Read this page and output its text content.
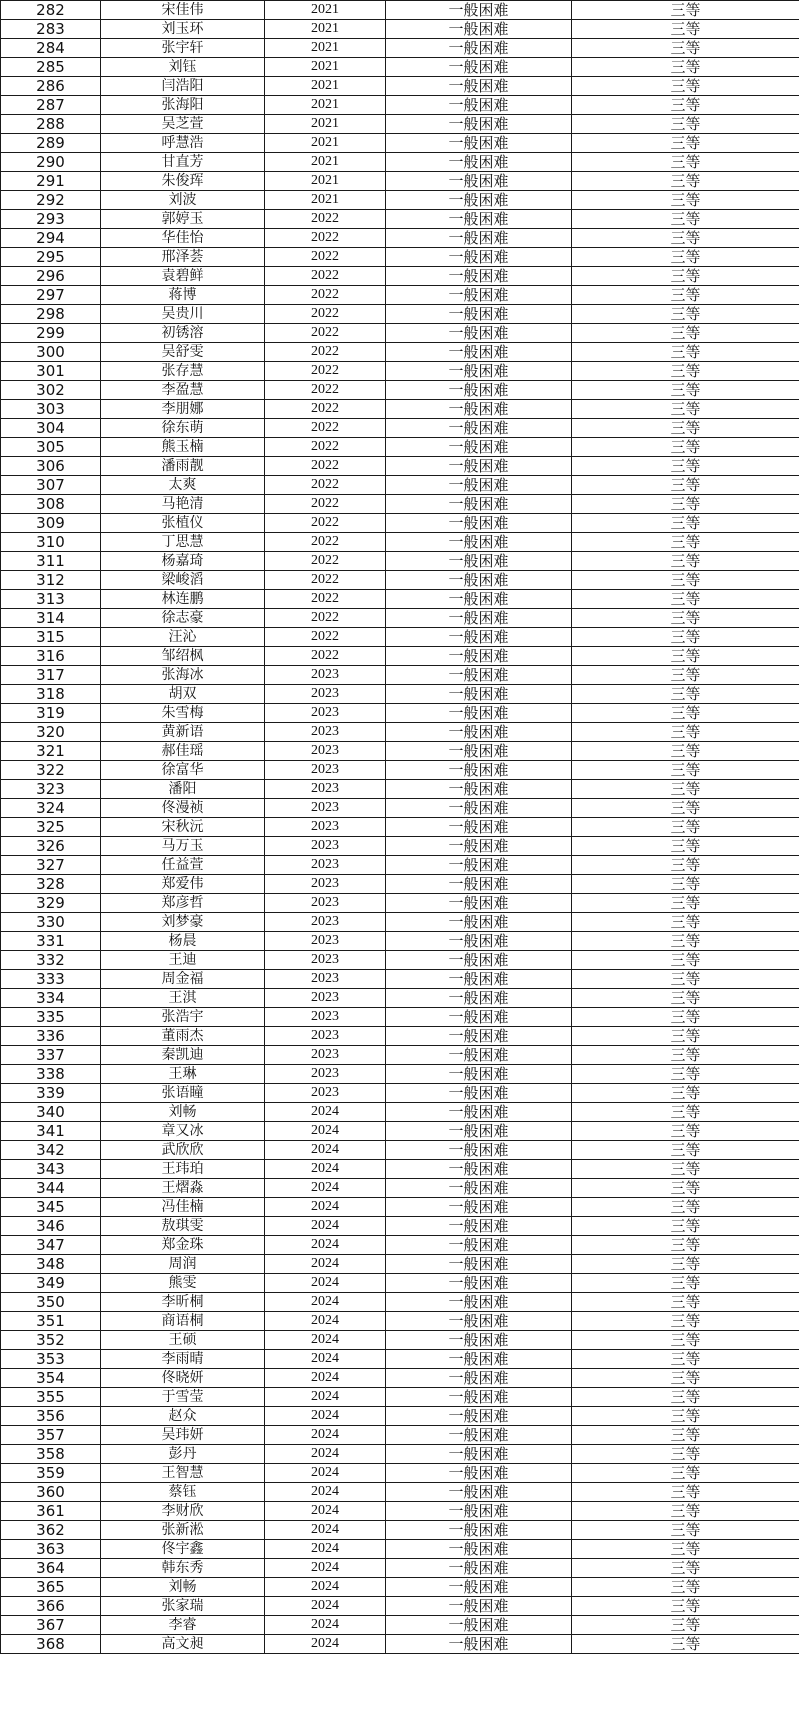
282	宋佳伟	2021	一般困难	三等
283	刘玉环	2021	一般困难	三等
284	张宇轩	2021	一般困难	三等
285	刘钰	2021	一般困难	三等
286	闫浩阳	2021	一般困难	三等
287	张海阳	2021	一般困难	三等
288	吴芝萱	2021	一般困难	三等
289	呼慧浩	2021	一般困难	三等
290	甘直芳	2021	一般困难	三等
291	朱俊珲	2021	一般困难	三等
292	刘波	2021	一般困难	三等
293	郭婷玉	2022	一般困难	三等
294	华佳怡	2022	一般困难	三等
295	邢泽荟	2022	一般困难	三等
296	袁碧鲜	2022	一般困难	三等
297	蒋博	2022	一般困难	三等
298	吴贵川	2022	一般困难	三等
299	初锈溶	2022	一般困难	三等
300	吴舒雯	2022	一般困难	三等
301	张存慧	2022	一般困难	三等
302	李盈慧	2022	一般困难	三等
303	李朋娜	2022	一般困难	三等
304	徐东萌	2022	一般困难	三等
305	熊玉楠	2022	一般困难	三等
306	潘雨靓	2022	一般困难	三等
307	太爽	2022	一般困难	三等
308	马艳清	2022	一般困难	三等
309	张植仪	2022	一般困难	三等
310	丁思慧	2022	一般困难	三等
311	杨嘉琦	2022	一般困难	三等
312	梁峻滔	2022	一般困难	三等
313	林连鹏	2022	一般困难	三等
314	徐志豪	2022	一般困难	三等
315	汪沁	2022	一般困难	三等
316	邹绍枫	2022	一般困难	三等
317	张海冰	2023	一般困难	三等
318	胡双	2023	一般困难	三等
319	朱雪梅	2023	一般困难	三等
320	黄新语	2023	一般困难	三等
321	郝佳瑶	2023	一般困难	三等
322	徐富华	2023	一般困难	三等
323	潘阳	2023	一般困难	三等
324	佟漫祯	2023	一般困难	三等
325	宋秋沅	2023	一般困难	三等
326	马万玉	2023	一般困难	三等
327	任益萱	2023	一般困难	三等
328	郑爱伟	2023	一般困难	三等
329	郑彦哲	2023	一般困难	三等
330	刘梦豪	2023	一般困难	三等
331	杨晨	2023	一般困难	三等
332	王迪	2023	一般困难	三等
333	周金福	2023	一般困难	三等
334	王淇	2023	一般困难	三等
335	张浩宇	2023	一般困难	三等
336	董雨杰	2023	一般困难	三等
337	秦凯迪	2023	一般困难	三等
338	王琳	2023	一般困难	三等
339	张语瞳	2023	一般困难	三等
340	刘畅	2024	一般困难	三等
341	章又冰	2024	一般困难	三等
342	武欣欣	2024	一般困难	三等
343	王玮珀	2024	一般困难	三等
344	王熠淼	2024	一般困难	三等
345	冯佳楠	2024	一般困难	三等
346	敖琪雯	2024	一般困难	三等
347	郑金珠	2024	一般困难	三等
348	周润	2024	一般困难	三等
349	熊雯	2024	一般困难	三等
350	李昕桐	2024	一般困难	三等
351	商语桐	2024	一般困难	三等
352	王硕	2024	一般困难	三等
353	李雨晴	2024	一般困难	三等
354	佟晓妍	2024	一般困难	三等
355	于雪莹	2024	一般困难	三等
356	赵众	2024	一般困难	三等
357	吴玮妍	2024	一般困难	三等
358	彭丹	2024	一般困难	三等
359	王智慧	2024	一般困难	三等
360	蔡钰	2024	一般困难	三等
361	李财欣	2024	一般困难	三等
362	张新淞	2024	一般困难	三等
363	佟宇鑫	2024	一般困难	三等
364	韩东秀	2024	一般困难	三等
365	刘畅	2024	一般困难	三等
366	张家瑞	2024	一般困难	三等
367	李睿	2024	一般困难	三等
368	高文昶	2024	一般困难	三等
